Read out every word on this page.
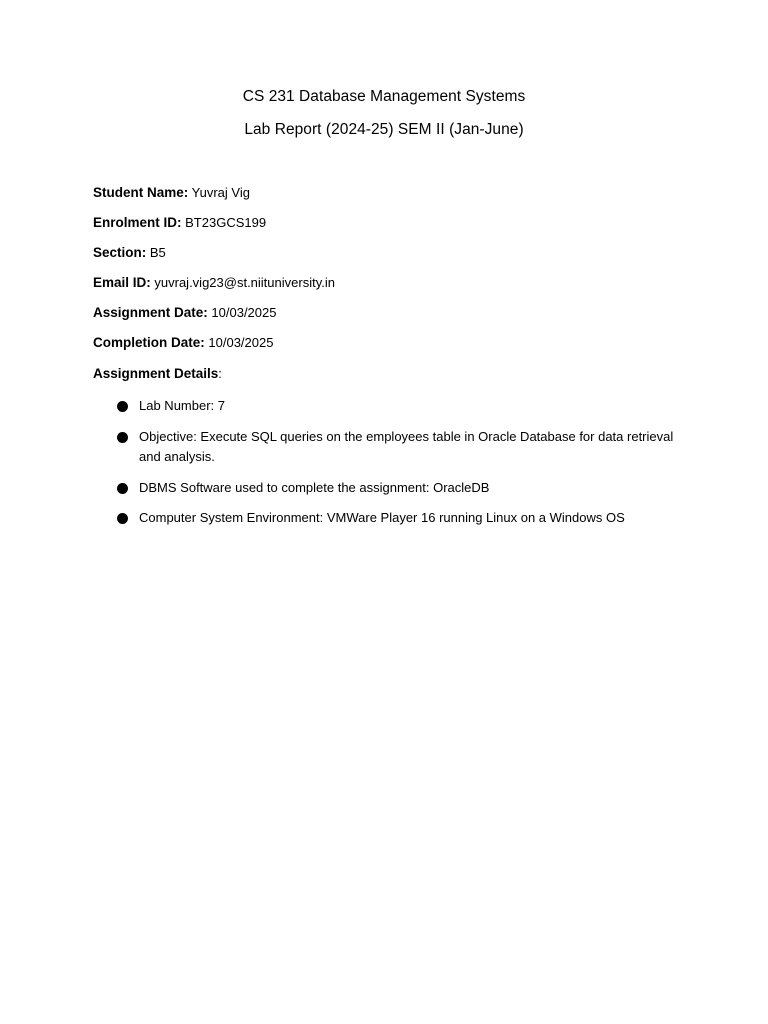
CS 231 Database Management Systems
Lab Report (2024-25) SEM II (Jan-June)
Student Name: Yuvraj Vig
Enrolment ID: BT23GCS199
Section: B5
Email ID: yuvraj.vig23@st.niituniversity.in
Assignment Date: 10/03/2025
Completion Date: 10/03/2025
Assignment Details:
Lab Number: 7
Objective: Execute SQL queries on the employees table in Oracle Database for data retrieval and analysis.
DBMS Software used to complete the assignment: OracleDB
Computer System Environment: VMWare Player 16 running Linux on a Windows OS
